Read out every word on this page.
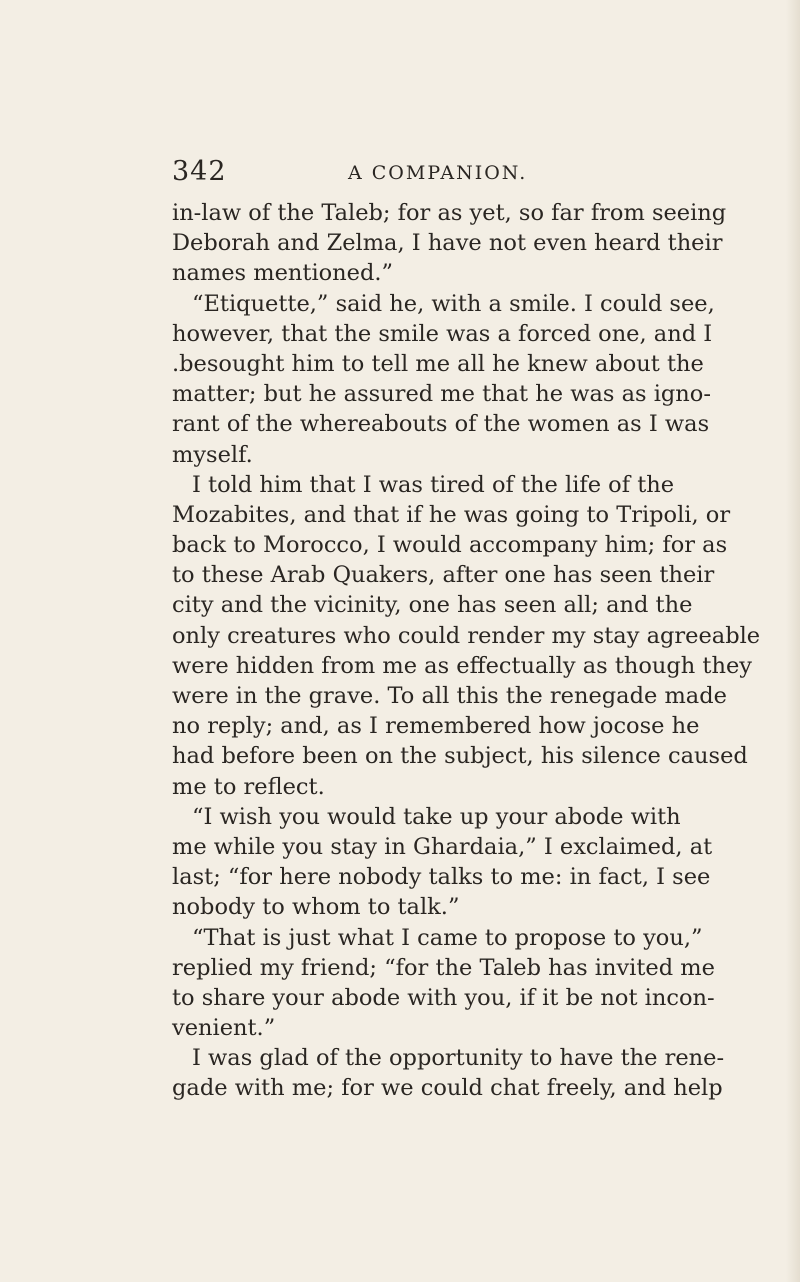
342	A COMPANION.
in-law of the Taleb; for as yet, so far from seeing
Deborah and Zelma, I have not even heard their
names mentioned.”
“Etiquette,” said he, with a smile. I could see,
however, that the smile was a forced one, and I
.besought him to tell me all he knew about the
matter; but he assured me that he was as igno-
rant of the whereabouts of the women as I was
myself.
I told him that I was tired of the life of the
Mozabites, and that if he was going to Tripoli, or
back to Morocco, I would accompany him; for as
to these Arab Quakers, after one has seen their
city and the vicinity, one has seen all; and the
only creatures who could render my stay agreeable
were hidden from me as effectually as though they
were in the grave. To all this the renegade made
no reply; and, as I remembered how jocose he
had before been on the subject, his silence caused
me to reflect.
“I wish you would take up your abode with
me while you stay in Ghardaia,” I exclaimed, at
last; “for here nobody talks to me: in fact, I see
nobody to whom to talk.”
“That is just what I came to propose to you,”
replied my friend; “for the Taleb has invited me
to share your abode with you, if it be not incon-
venient.”
I was glad of the opportunity to have the rene-
gade with me; for we could chat freely, and help
